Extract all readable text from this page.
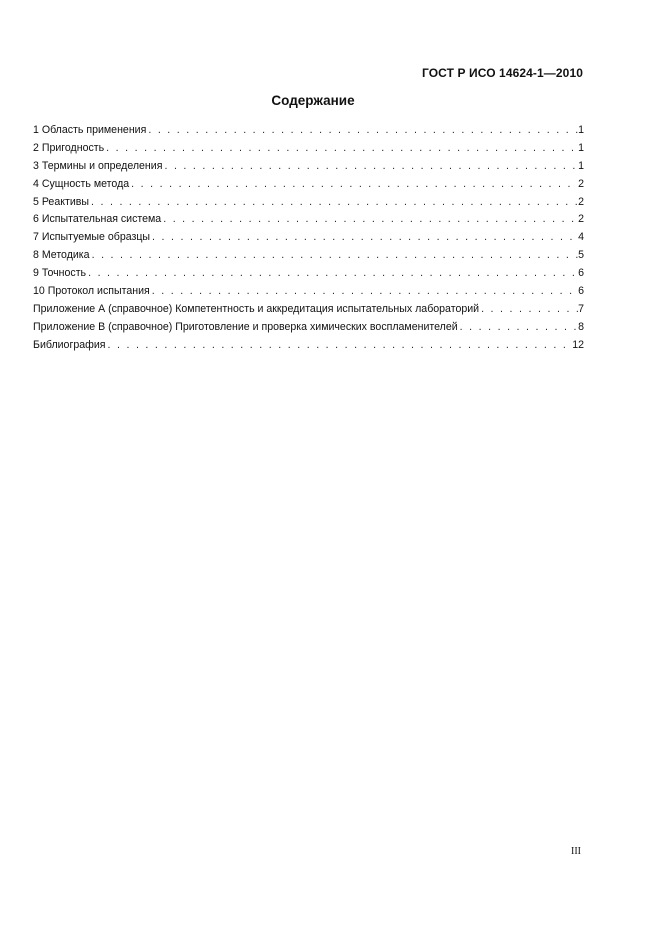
ГОСТ Р ИСО 14624-1—2010
Содержание
1 Область применения . . .	1
2 Пригодность . . .	1
3 Термины и определения . . .	1
4 Сущность метода . . .	2
5 Реактивы . . .	2
6 Испытательная система . . .	2
7 Испытуемые образцы . . .	4
8 Методика . . .	5
9 Точность . . .	6
10 Протокол испытания . . .	6
Приложение А (справочное) Компетентность и аккредитация испытательных лабораторий . . .	7
Приложение В (справочное) Приготовление и проверка химических воспламенителей . . .	8
Библиография . . .	12
III
